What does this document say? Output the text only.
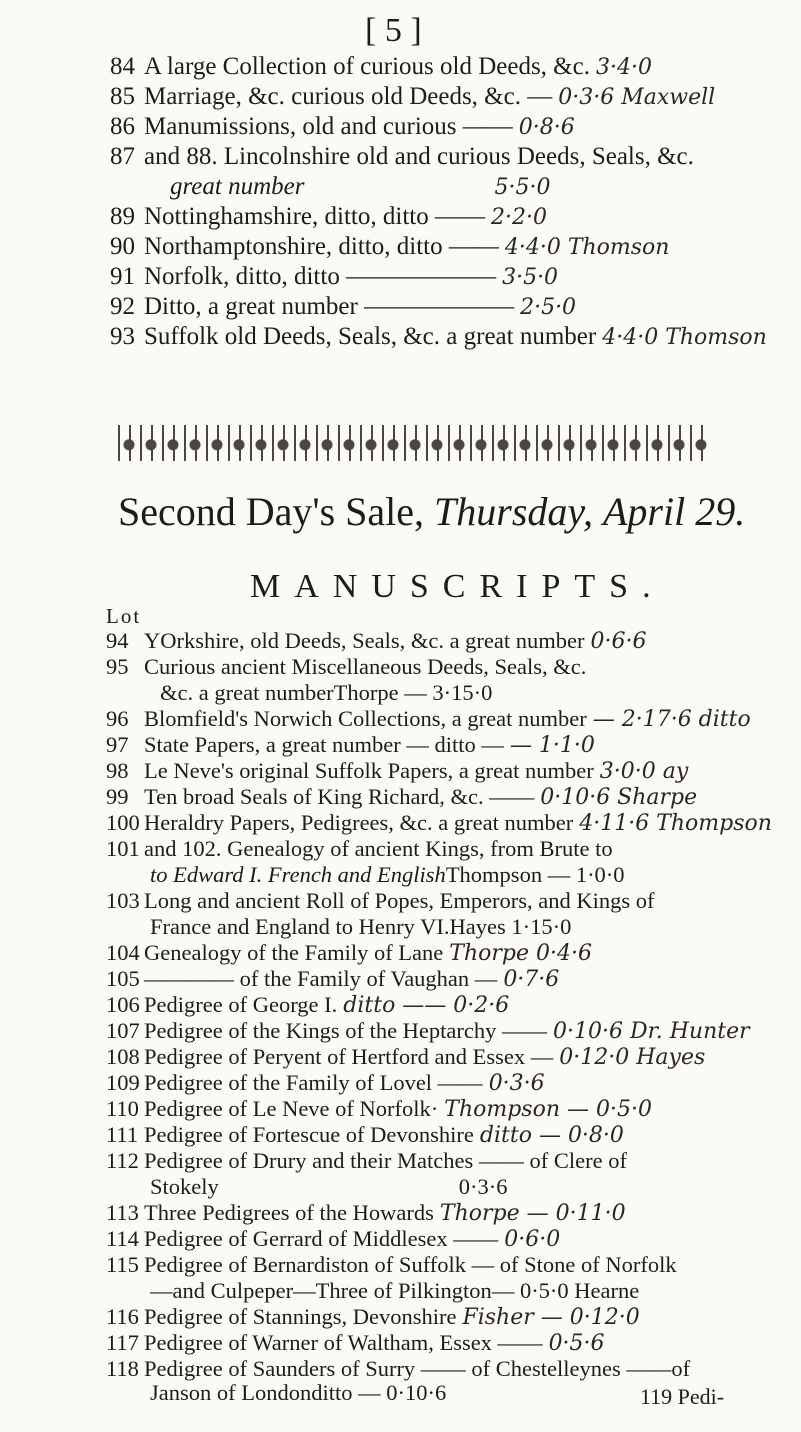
[ 5 ]
84 A large Collection of curious old Deeds, &c. 3·4·0
85 Marriage, &c. curious old Deeds, &c. — 0·3·6 Maxwell
86 Manumissions, old and curious —— 0·8·6
87 and 88. Lincolnshire old and curious Deeds, Seals, &c.
great number	5·5·0
89 Nottinghamshire, ditto, ditto —— 2·2·0
90 Northamptonshire, ditto, ditto —— 4·4·0 Thomson
91 Norfolk, ditto, ditto —————— 3·5·0
92 Ditto, a great number —————— 2·5·0
93 Suffolk old Deeds, Seals, &c. a great number 4·4·0 Thomson
Second Day's Sale, Thursday, April 29.
MANUSCRIPTS.
Lot
94 YOrkshire, old Deeds, Seals, &c. a great number 0·6·6
95 Curious ancient Miscellaneous Deeds, Seals, &c.
&c. a great numberThorpe — 3·15·0
96 Blomfield's Norwich Collections, a great number — 2·17·6 ditto
97 State Papers, a great number — ditto — — 1·1·0
98 Le Neve's original Suffolk Papers, a great number 3·0·0 ay
99 Ten broad Seals of King Richard, &c. —— 0·10·6 Sharpe
100 Heraldry Papers, Pedigrees, &c. a great number 4·11·6 Thompson
101 and 102. Genealogy of ancient Kings, from Brute to
to Edward I. French and EnglishThompson — 1·0·0
103 Long and ancient Roll of Popes, Emperors, and Kings of
France and England to Henry VI.Hayes 1·15·0
104 Genealogy of the Family of Lane Thorpe 0·4·6
105 ———— of the Family of Vaughan — 0·7·6
106 Pedigree of George I. ditto —— 0·2·6
107 Pedigree of the Kings of the Heptarchy —— 0·10·6 Dr. Hunter
108 Pedigree of Peryent of Hertford and Essex — 0·12·0 Hayes
109 Pedigree of the Family of Lovel —— 0·3·6
110 Pedigree of Le Neve of Norfolk· Thompson — 0·5·0
111 Pedigree of Fortescue of Devonshire ditto — 0·8·0
112 Pedigree of Drury and their Matches —— of Clere of
Stokely	0·3·6
113 Three Pedigrees of the Howards Thorpe — 0·11·0
114 Pedigree of Gerrard of Middlesex —— 0·6·0
115 Pedigree of Bernardiston of Suffolk — of Stone of Norfolk
—and Culpeper—Three of Pilkington— 0·5·0 Hearne
116 Pedigree of Stannings, Devonshire Fisher — 0·12·0
117 Pedigree of Warner of Waltham, Essex —— 0·5·6
118 Pedigree of Saunders of Surry —— of Chestelleynes ——of
Janson of Londonditto — 0·10·6	119 Pedi-
